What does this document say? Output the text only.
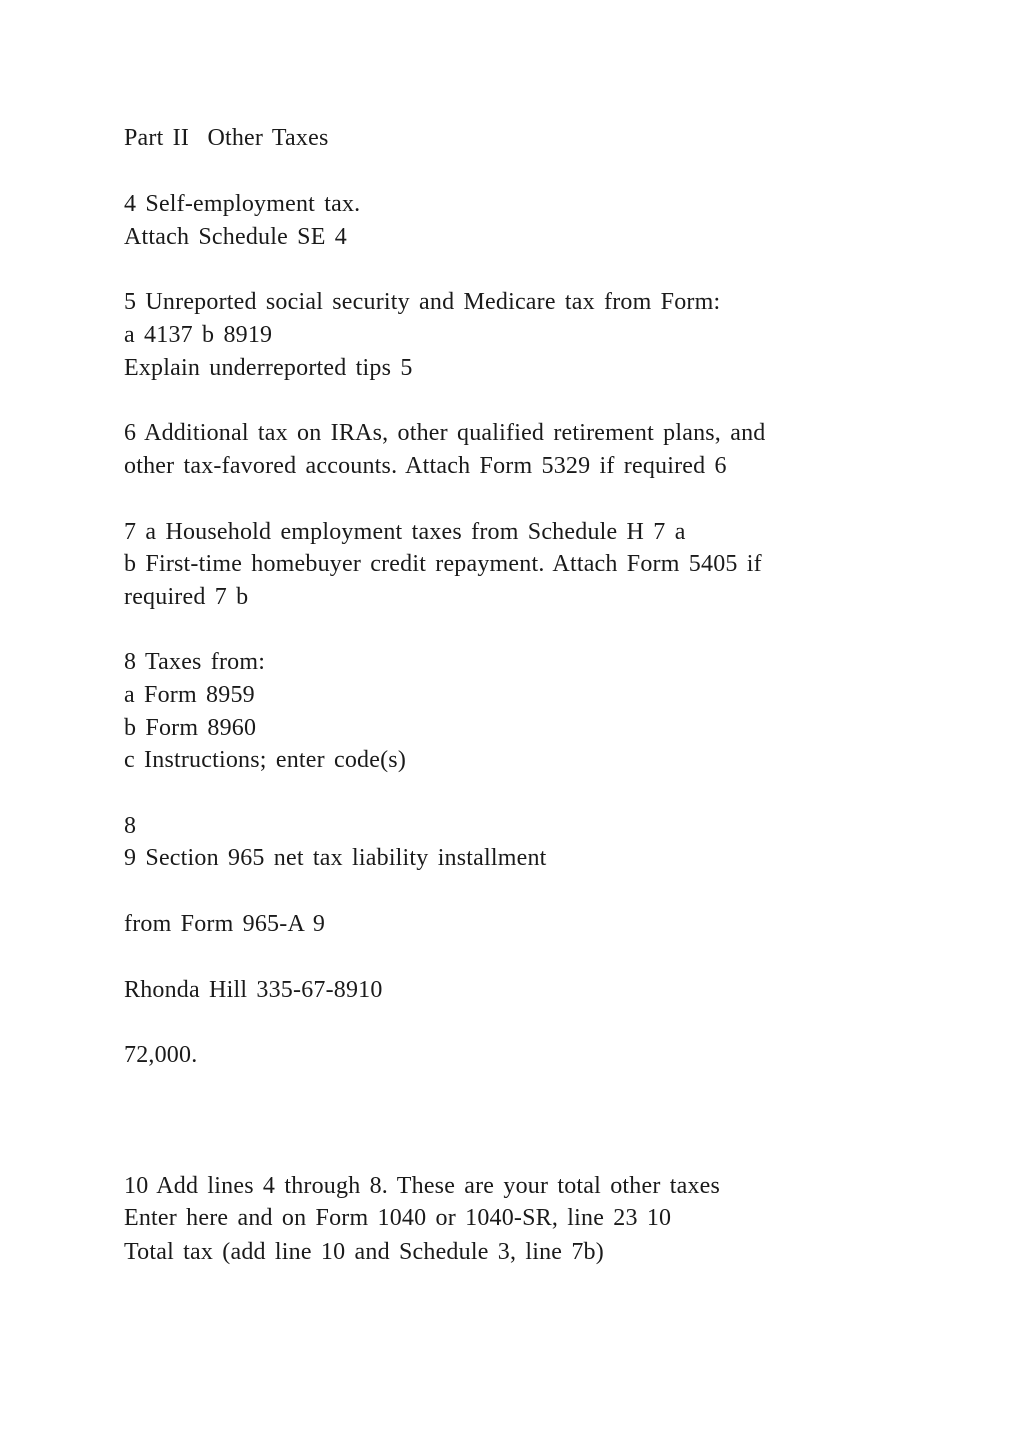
Part II  Other Taxes

4 Self-employment tax.

Attach Schedule SE 4

5 Unreported social security and Medicare tax from Form:

a 4137 b 8919

Explain underreported tips 5

6 Additional tax on IRAs, other qualified retirement plans, and

other tax-favored accounts. Attach Form 5329 if required 6

7 a Household employment taxes from Schedule H 7 a

b First-time homebuyer credit repayment. Attach Form 5405 if

required 7 b

8 Taxes from:

a Form 8959

b Form 8960

c Instructions; enter code(s)

8

9 Section 965 net tax liability installment

from Form 965-A 9

Rhonda Hill 335-67-8910

72,000.

10 Add lines 4 through 8. These are your total other taxes

Enter here and on Form 1040 or 1040-SR, line 23 10

Total tax (add line 10 and Schedule 3, line 7b)
